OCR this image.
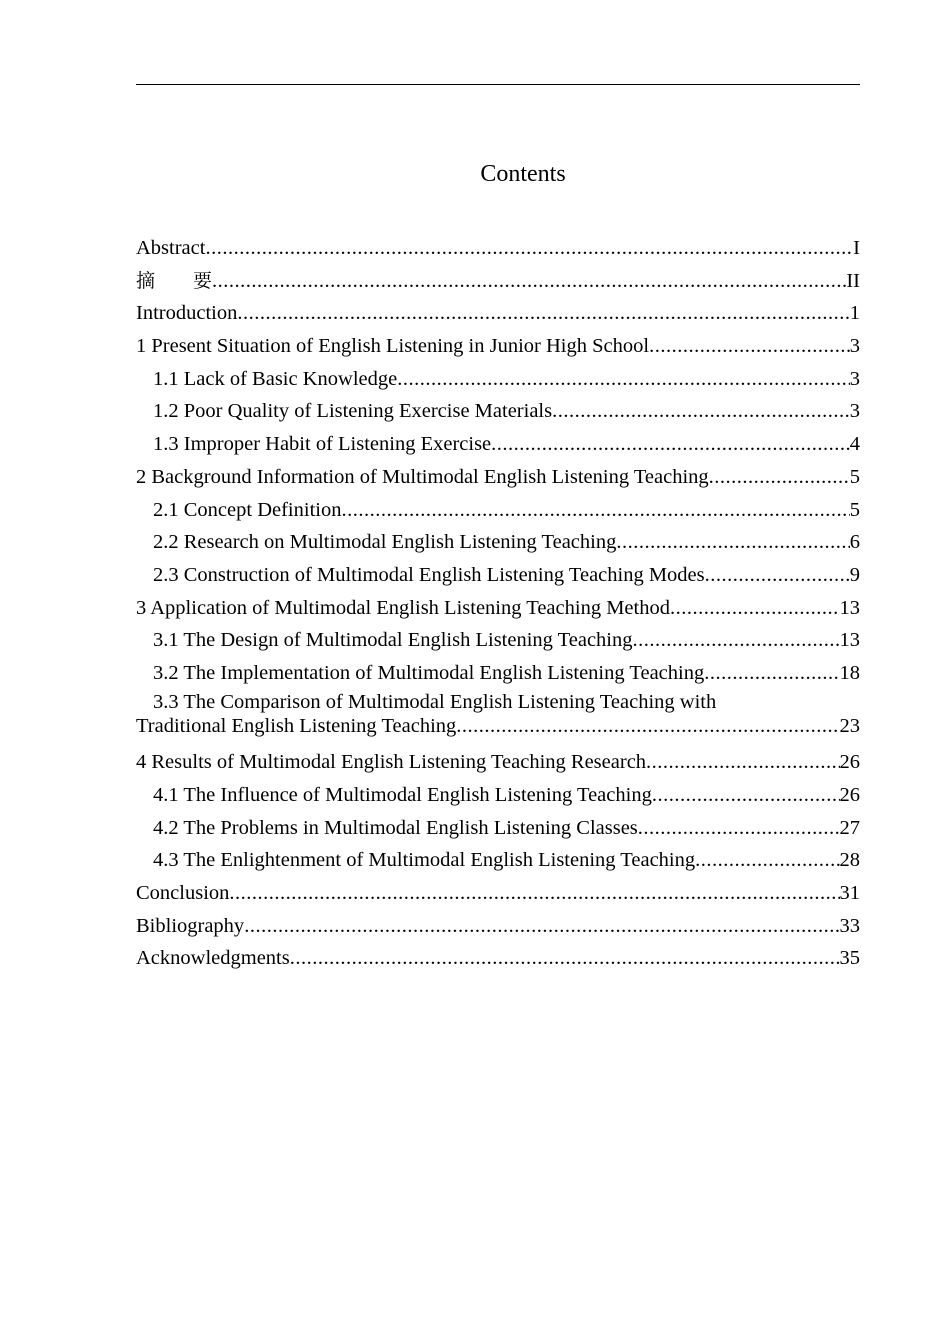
Contents
Abstract .....	I
摘　　要 .....	II
Introduction .....	1
1 Present Situation of English Listening in Junior High School .....	3
1.1 Lack of Basic Knowledge .....	3
1.2 Poor Quality of Listening Exercise Materials .....	3
1.3 Improper Habit of Listening Exercise .....	4
2 Background Information of Multimodal English Listening Teaching .....	5
2.1 Concept Definition .....	5
2.2 Research on Multimodal English Listening Teaching .....	6
2.3 Construction of Multimodal English Listening Teaching Modes .....	9
3 Application of Multimodal English Listening Teaching Method .....	13
3.1 The Design of Multimodal English Listening Teaching .....	13
3.2 The Implementation of Multimodal English Listening Teaching .....	18
3.3 The Comparison of Multimodal English Listening Teaching with
Traditional English Listening Teaching .....	23
4 Results of Multimodal English Listening Teaching Research .....	26
4.1 The Influence of Multimodal English Listening Teaching .....	26
4.2 The Problems in Multimodal English Listening Classes .....	27
4.3 The Enlightenment of Multimodal English Listening Teaching .....	28
Conclusion .....	31
Bibliography .....	33
Acknowledgments .....	35
